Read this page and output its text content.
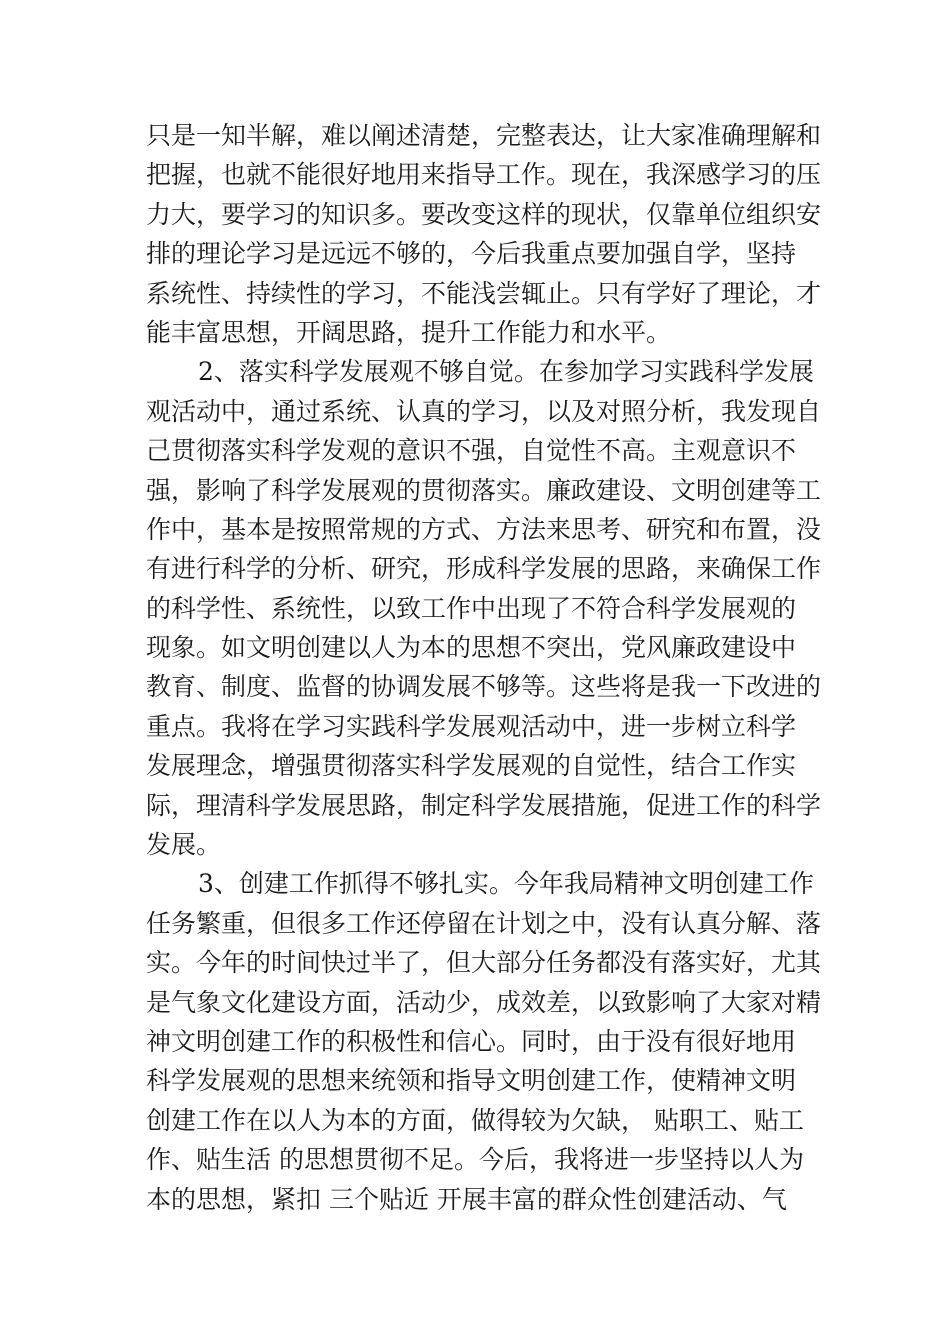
只是一知半解，难以阐述清楚，完整表达，让大家准确理解和
把握，也就不能很好地用来指导工作。现在，我深感学习的压
力大，要学习的知识多。要改变这样的现状，仅靠单位组织安
排的理论学习是远远不够的，今后我重点要加强自学，坚持
系统性、持续性的学习，不能浅尝辄止。只有学好了理论，才
能丰富思想，开阔思路，提升工作能力和水平。
2、落实科学发展观不够自觉。在参加学习实践科学发展
观活动中，通过系统、认真的学习，以及对照分析，我发现自
己贯彻落实科学发观的意识不强，自觉性不高。主观意识不
强，影响了科学发展观的贯彻落实。廉政建设、文明创建等工
作中，基本是按照常规的方式、方法来思考、研究和布置，没
有进行科学的分析、研究，形成科学发展的思路，来确保工作
的科学性、系统性，以致工作中出现了不符合科学发展观的
现象。如文明创建以人为本的思想不突出，党风廉政建设中
教育、制度、监督的协调发展不够等。这些将是我一下改进的
重点。我将在学习实践科学发展观活动中，进一步树立科学
发展理念，增强贯彻落实科学发展观的自觉性，结合工作实
际，理清科学发展思路，制定科学发展措施，促进工作的科学
发展。
3、创建工作抓得不够扎实。今年我局精神文明创建工作
任务繁重，但很多工作还停留在计划之中，没有认真分解、落
实。今年的时间快过半了，但大部分任务都没有落实好，尤其
是气象文化建设方面，活动少，成效差，以致影响了大家对精
神文明创建工作的积极性和信心。同时，由于没有很好地用
科学发展观的思想来统领和指导文明创建工作，使精神文明
创建工作在以人为本的方面，做得较为欠缺， 贴职工、贴工
作、贴生活 的思想贯彻不足。今后，我将进一步坚持以人为
本的思想，紧扣 三个贴近 开展丰富的群众性创建活动、气
